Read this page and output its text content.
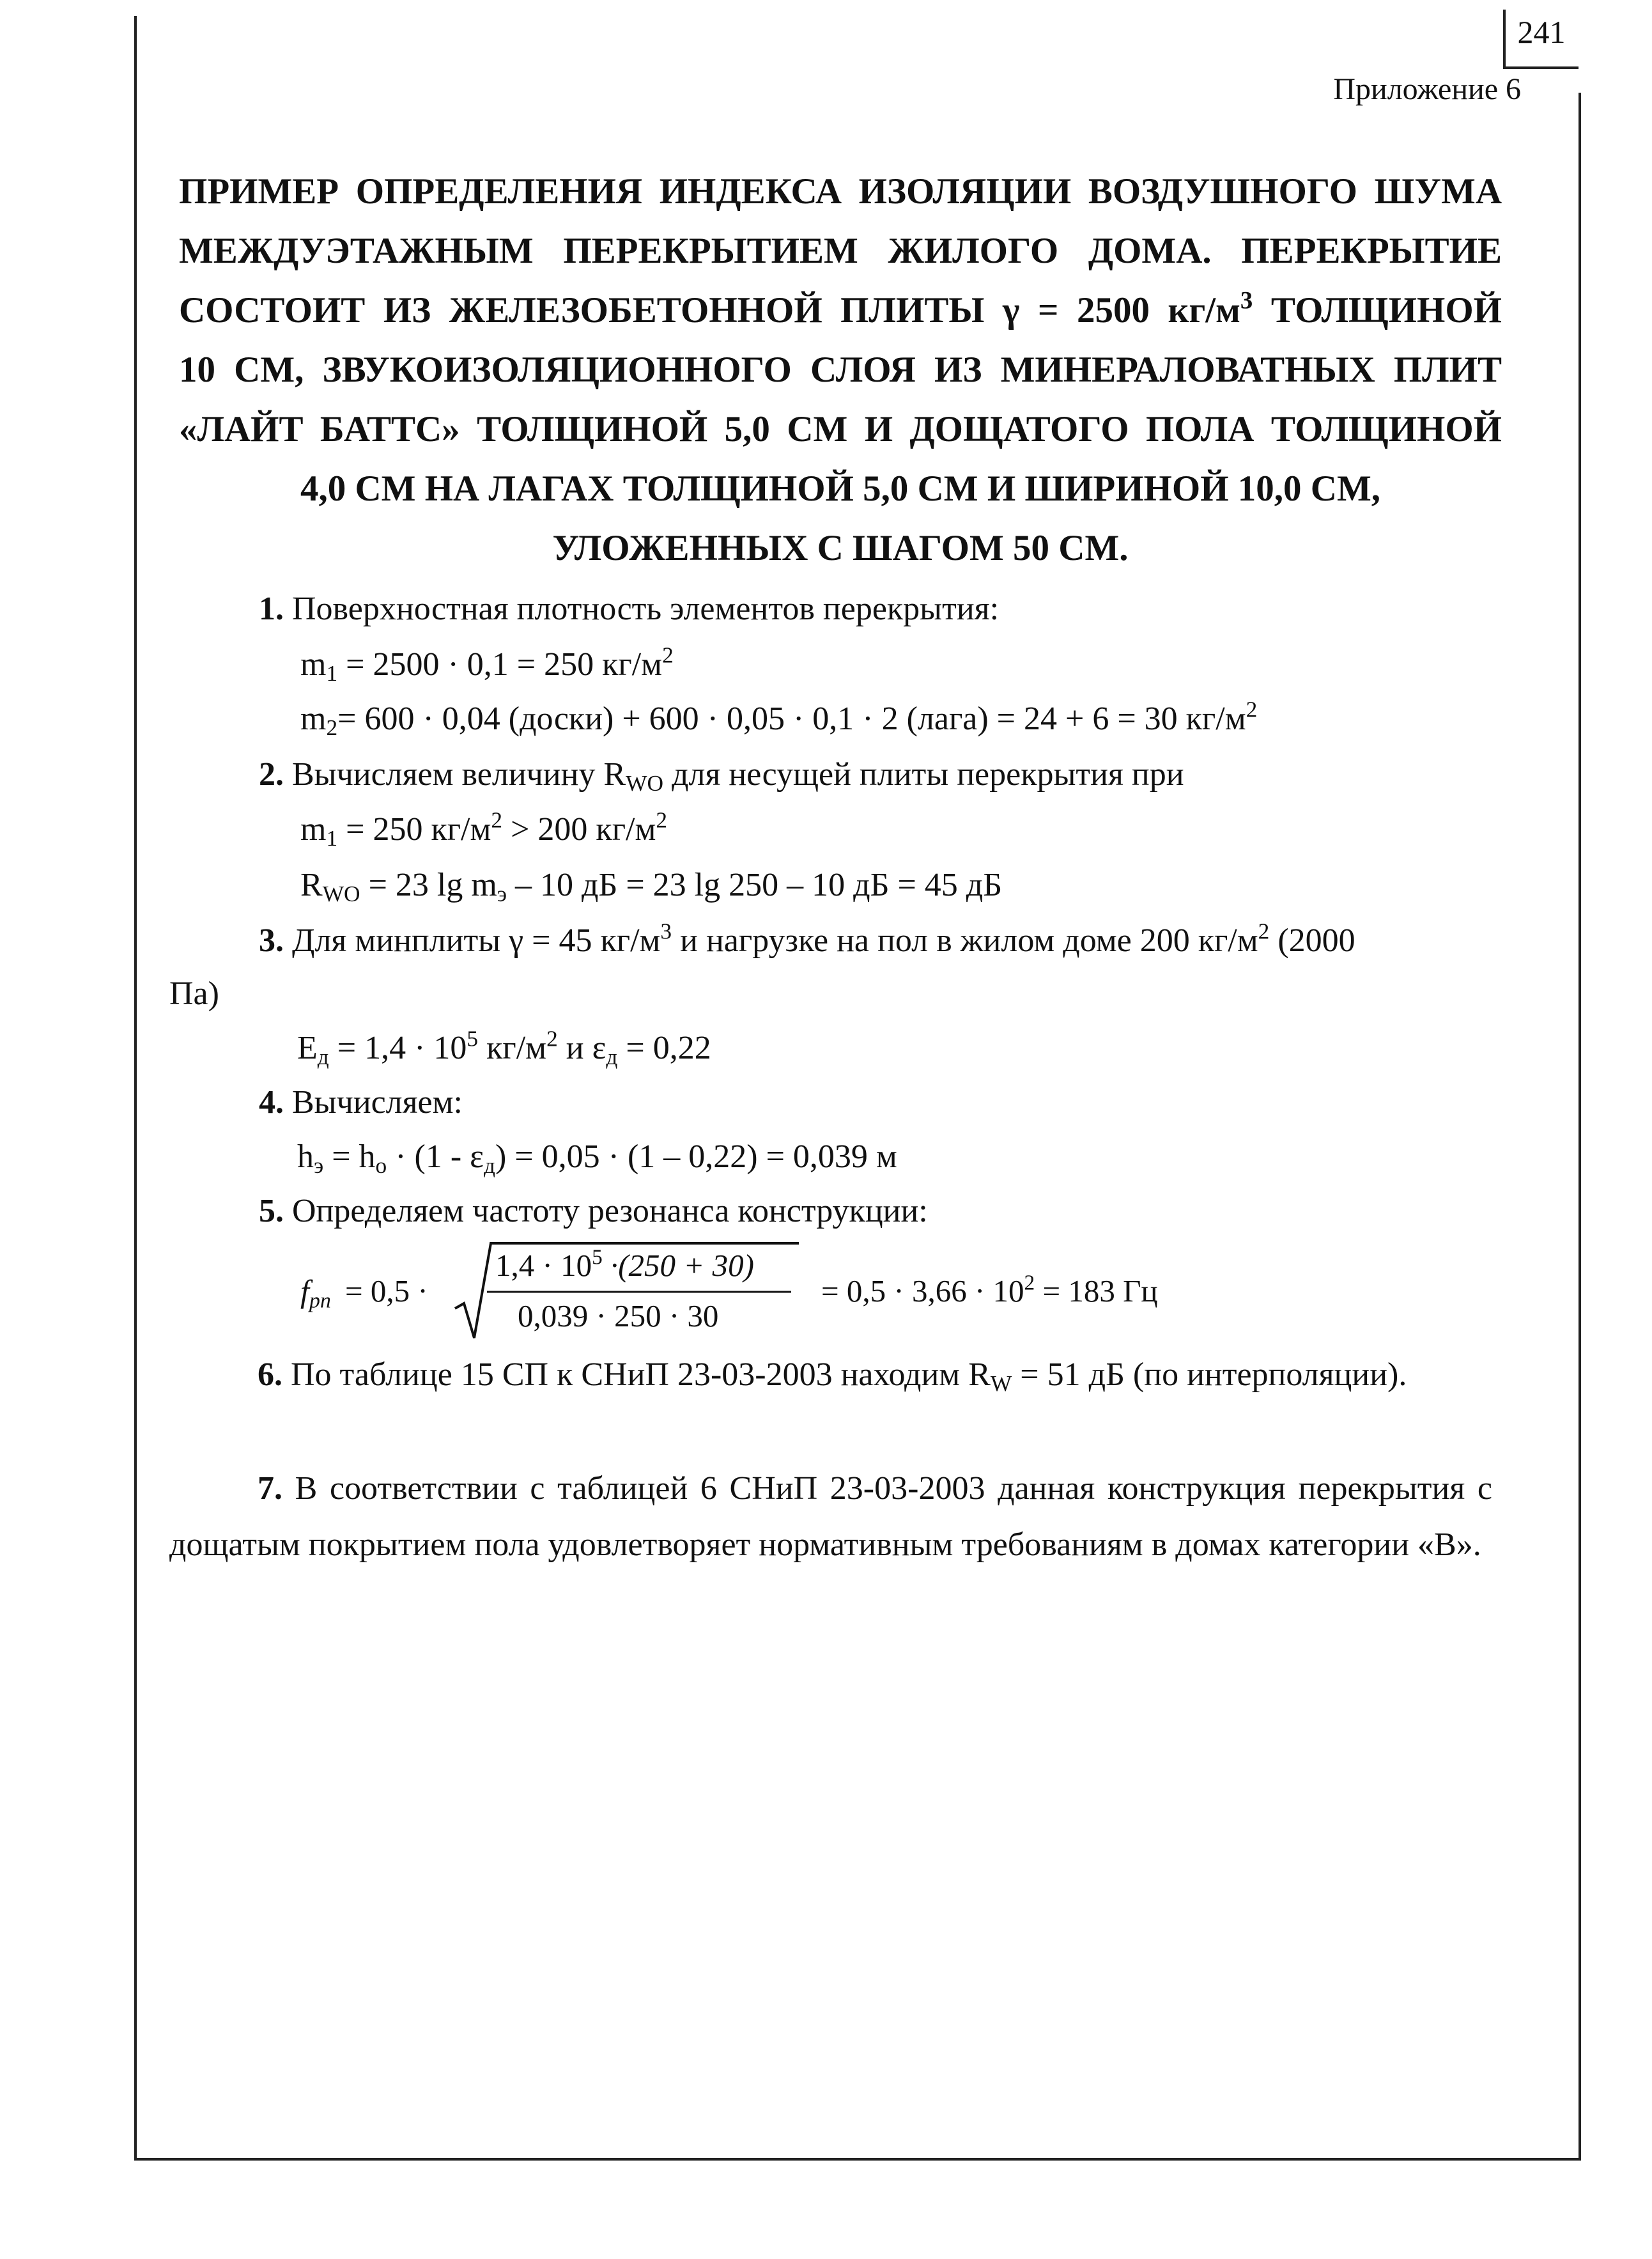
241
Приложение 6
ПРИМЕР ОПРЕДЕЛЕНИЯ ИНДЕКСА ИЗОЛЯЦИИ ВОЗДУШНОГО ШУМА
МЕЖДУЭТАЖНЫМ ПЕРЕКРЫТИЕМ ЖИЛОГО ДОМА. ПЕРЕКРЫТИЕ
СОСТОИТ ИЗ ЖЕЛЕЗОБЕТОННОЙ ПЛИТЫ γ = 2500 $кг/м^3$ ТОЛЩИНОЙ
10 СМ, ЗВУКОИЗОЛЯЦИОННОГО СЛОЯ ИЗ МИНЕРАЛОВАТНЫХ ПЛИТ
«ЛАЙТ БАТТС» ТОЛЩИНОЙ 5,0 СМ И ДОЩАТОГО ПОЛА ТОЛЩИНОЙ
4,0 СМ НА ЛАГАХ ТОЛЩИНОЙ 5,0 СМ И ШИРИНОЙ 10,0 СМ,
УЛОЖЕННЫХ С ШАГОМ 50 СМ.
1. Поверхностная плотность элементов перекрытия:
$m_1 = 2500 \cdot 0,1 = 250$ $кг/м^2$
$m_2= 600 \cdot 0,04$ (доски) + 600 · 0,05 · 0,1 · 2 (лага) = 24 + 6 = 30 $кг/м^2$
2. Вычисляем величину $R_{WO}$ для несущей плиты перекрытия при
$m_1 = 250$ $кг/м^2 > 200$ $кг/м^2$
$R_{WO} = 23$ $\lg m_э - 10$ дБ = 23 lg 250 – 10 дБ = 45 дБ
3. Для минплиты γ = 45 $кг/м^3$ и нагрузке на пол в жилом доме 200 $кг/м^2$ (2000
Па)
$E_д = 1,4 \cdot 10^5$ $кг/м^2$ и $\varepsilon_д = 0,22$
4. Вычисляем:
$h_э = h_o \cdot (1 - \varepsilon_д) = 0,05 \cdot (1 - 0,22) = 0,039$ м
5. Определяем частоту резонанса конструкции:
$f_{pn} = 0,5$ ·
$1,4 \cdot 10^5 \cdot(250 + 30)$
0,039 · 250 · 30
= $0,5 \cdot 3,66 \cdot 10^2 = 183$ Гц
6. По таблице 15 СП к СНиП 23-03-2003 находим $R_W = 51$ дБ (по интерполяции).
7. В соответствии с таблицей 6 СНиП 23-03-2003 данная конструкция перекрытия с дощатым покрытием пола удовлетворяет нормативным требованиям в домах категории «В».
